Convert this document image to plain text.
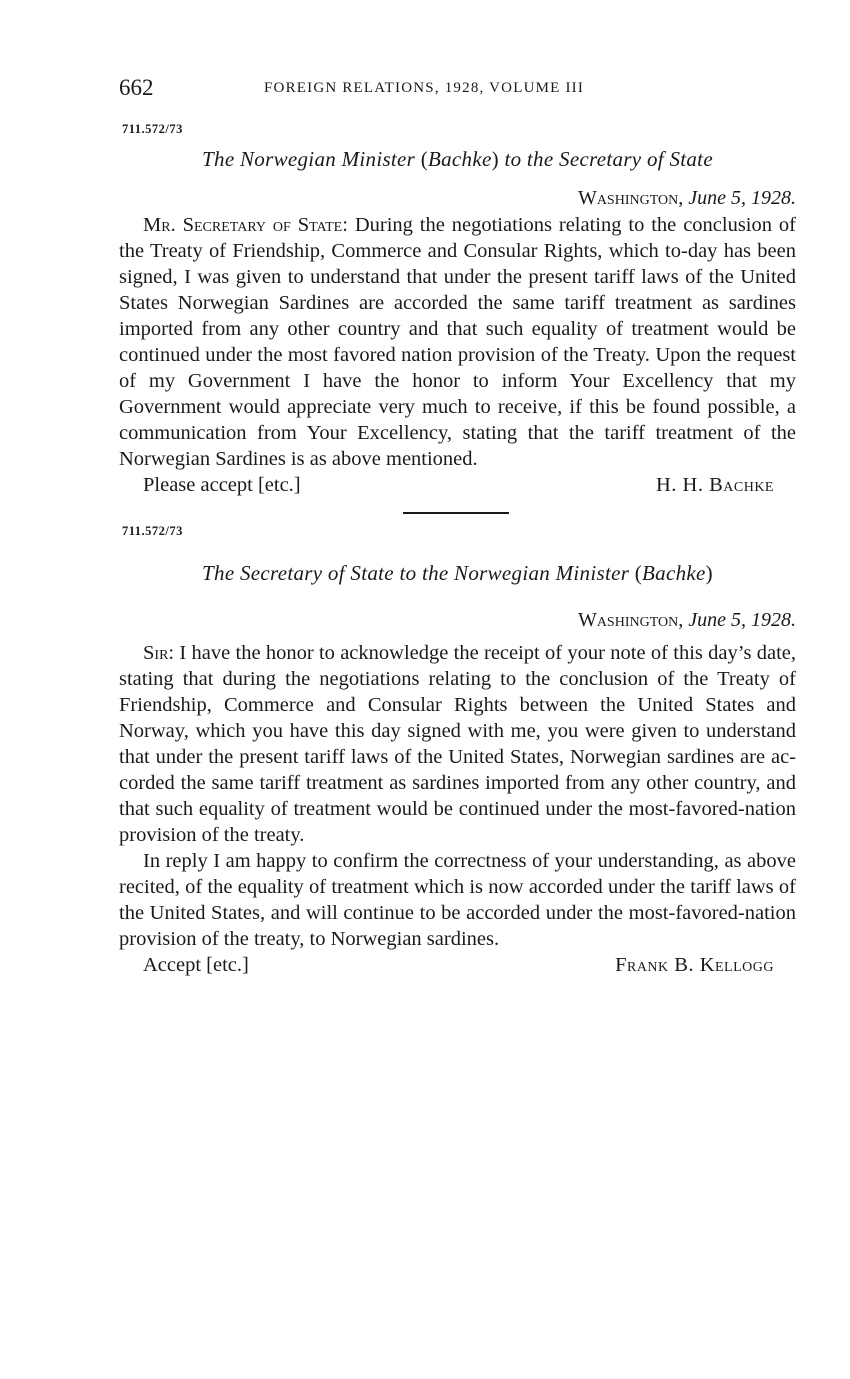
662	FOREIGN RELATIONS, 1928, VOLUME III
711.572/73
The Norwegian Minister (Bachke) to the Secretary of State
Washington, June 5, 1928.

Mr. Secretary of State: During the negotiations relating to the conclusion of the Treaty of Friendship, Commerce and Consular Rights, which to-day has been signed, I was given to understand that under the present tariff laws of the United States Norwegian Sardines are accorded the same tariff treatment as sardines imported from any other country and that such equality of treatment would be continued under the most favored nation provision of the Treaty. Upon the request of my Government I have the honor to inform Your Excellency that my Government would appreciate very much to receive, if this be found possible, a communication from Your Excellency, stating that the tariff treatment of the Norwegian Sardines is as above mentioned.

Please accept [etc.]	H. H. Bachke
711.572/73
The Secretary of State to the Norwegian Minister (Bachke)
Washington, June 5, 1928.

Sir: I have the honor to acknowledge the receipt of your note of this day’s date, stating that during the negotiations relating to the conclusion of the Treaty of Friendship, Commerce and Consular Rights between the United States and Norway, which you have this day signed with me, you were given to understand that under the present tariff laws of the United States, Norwegian sardines are accorded the same tariff treatment as sardines imported from any other country, and that such equality of treatment would be continued under the most-favored-nation provision of the treaty.

In reply I am happy to confirm the correctness of your understanding, as above recited, of the equality of treatment which is now accorded under the tariff laws of the United States, and will continue to be accorded under the most-favored-nation provision of the treaty, to Norwegian sardines.

Accept [etc.]	Frank B. Kellogg
